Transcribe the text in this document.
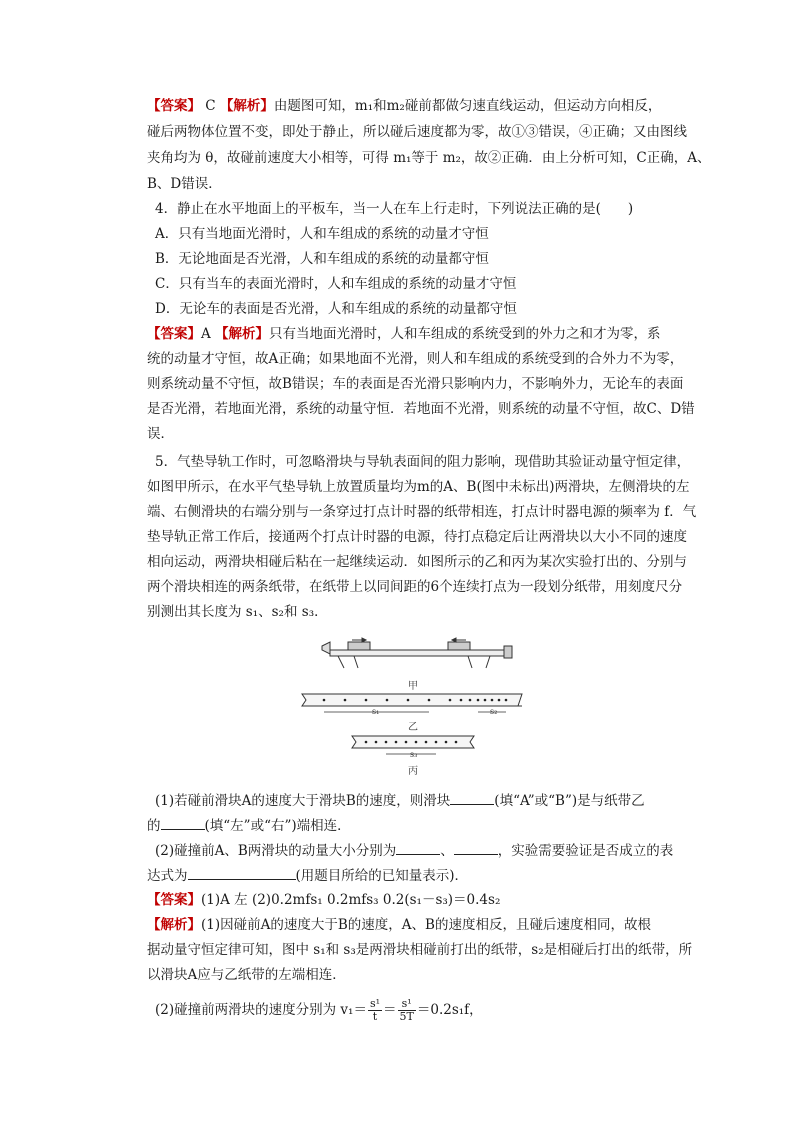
【答案】 C 【解析】由题图可知，m₁和m₂碰前都做匀速直线运动，但运动方向相反，
碰后两物体位置不变，即处于静止，所以碰后速度都为零，故①③错误，④正确；又由图线
夹角均为 θ，故碰前速度大小相等，可得 m₁等于 m₂，故②正确．由上分析可知，C正确，A、
B、D错误．
4．静止在水平地面上的平板车，当一人在车上行走时，下列说法正确的是(　　)
A．只有当地面光滑时，人和车组成的系统的动量才守恒
B．无论地面是否光滑，人和车组成的系统的动量都守恒
C．只有当车的表面光滑时，人和车组成的系统的动量才守恒
D．无论车的表面是否光滑，人和车组成的系统的动量都守恒
【答案】A 【解析】只有当地面光滑时，人和车组成的系统受到的外力之和才为零，系
统的动量才守恒，故A正确；如果地面不光滑，则人和车组成的系统受到的合外力不为零，
则系统动量不守恒，故B错误；车的表面是否光滑只影响内力，不影响外力，无论车的表面
是否光滑，若地面光滑，系统的动量守恒．若地面不光滑，则系统的动量不守恒，故C、D错
误．
5．气垫导轨工作时，可忽略滑块与导轨表面间的阻力影响，现借助其验证动量守恒定律，
如图甲所示，在水平气垫导轨上放置质量均为m的A、B(图中未标出)两滑块，左侧滑块的左
端、右侧滑块的右端分别与一条穿过打点计时器的纸带相连，打点计时器电源的频率为 f．气
垫导轨正常工作后，接通两个打点计时器的电源，待打点稳定后让两滑块以大小不同的速度
相向运动，两滑块相碰后粘在一起继续运动．如图所示的乙和丙为某次实验打出的、分别与
两个滑块相连的两条纸带，在纸带上以同间距的6个连续打点为一段划分纸带，用刻度尺分
别测出其长度为 s₁、s₂和 s₃．
甲
s₁	s₂
乙
s₃
丙
(1)若碰前滑块A的速度大于滑块B的速度，则滑块	(填“A”或“B”)是与纸带乙
的	(填“左”或“右”)端相连．
(2)碰撞前A、B两滑块的动量大小分别为	、	，实验需要验证是否成立的表
达式为	(用题目所给的已知量表示)．
【答案】(1)A 左 (2)0.2mfs₁ 0.2mfs₃ 0.2(s₁－s₃)＝0.4s₂
【解析】(1)因碰前A的速度大于B的速度，A、B的速度相反，且碰后速度相同，故根
据动量守恒定律可知，图中 s₁和 s₃是两滑块相碰前打出的纸带，s₂是相碰后打出的纸带，所
以滑块A应与乙纸带的左端相连．
(2)碰撞前两滑块的速度分别为 $v_1= \frac{\text{s¹}}{t} = \frac{\text{s¹}}{5T} =0.2s_1f$，
